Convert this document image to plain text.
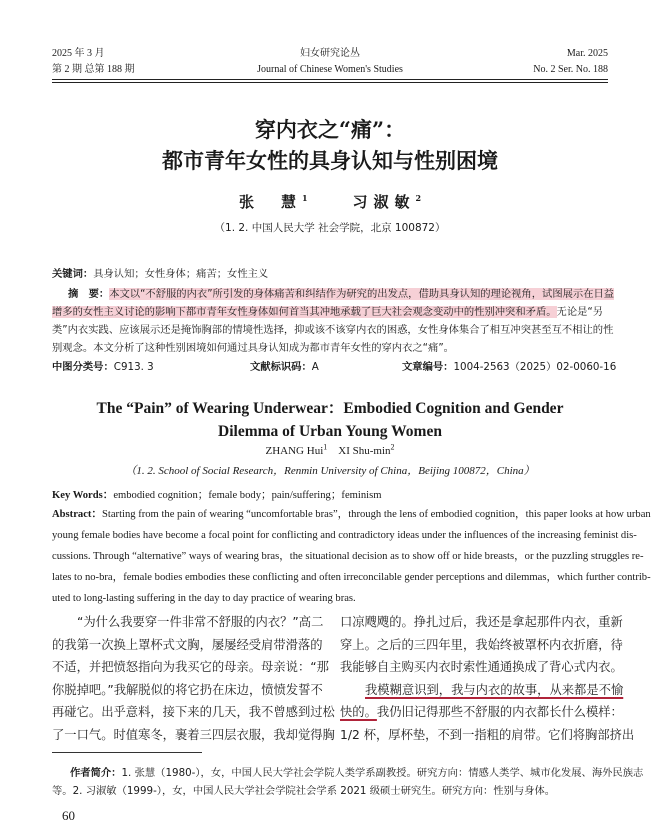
2025 年 3 月
第 2 期 总第 188 期
妇女研究论丛
Journal of Chinese Women's Studies
Mar. 2025
No. 2 Ser. No. 188
穿内衣之“痛”：
都市青年女性的具身认知与性别困境
张　慧$^1$	习淑敏$^2$
（1. 2. 中国人民大学 社会学院，北京 100872）
关键词：具身认知；女性身体；痛苦；女性主义
摘　要：本文以“不舒服的内衣”所引发的身体痛苦和纠结作为研究的出发点，借助具身认知的理论视角，试图展示在日益
增多的女性主义讨论的影响下都市青年女性身体如何首当其冲地承载了巨大社会观念变动中的性别冲突和矛盾。无论是“另
类”内衣实践、应该展示还是掩饰胸部的情境性选择，抑或该不该穿内衣的困惑，女性身体集合了相互冲突甚至互不相让的性
别观念。本文分析了这种性别困境如何通过具身认知成为都市青年女性的穿内衣之“痛”。
中图分类号：C913. 3	文献标识码：A	文章编号：1004-2563（2025）02-0060-16
The “Pain” of Wearing Underwear：Embodied Cognition and Gender
Dilemma of Urban Young Women
ZHANG Hui$^1$ XI Shu-$\min^2$
（1. 2. School of Social Research，Renmin University of China，Beijing 100872，China）
Key Words：embodied cognition；female body；pain/suffering；feminism
Abstract：Starting from the pain of wearing “uncomfortable bras”，through the lens of embodied cognition，this paper looks at how urban
young female bodies have become a focal point for conflicting and contradictory ideas under the influences of the increasing feminist dis-
cussions. Through “alternative” ways of wearing bras，the situational decision as to show off or hide breasts，or the puzzling struggles re-
lates to no-bra，female bodies embodies these conflicting and often irreconcilable gender perceptions and dilemmas，which further contrib-
uted to long-lasting suffering in the day to day practice of wearing bras.

“为什么我要穿一件非常不舒服的内衣？”高二

的我第一次换上罩杯式文胸，屡屡经受肩带滑落的

不适，并把愤怒指向为我买它的母亲。母亲说：“那

你脱掉吧。”我解脱似的将它扔在床边，愤愤发誓不

再碰它。出乎意料，接下来的几天，我不曾感到过松

了一口气。时值寒冬，裹着三四层衣服，我却觉得胸

口凉飕飕的。挣扎过后，我还是拿起那件内衣，重新

穿上。之后的三四年里，我始终被罩杯内衣折磨，待

我能够自主购买内衣时索性通通换成了背心式内衣。

我模糊意识到，我与内衣的故事，从来都是不愉

快的。我仍旧记得那些不舒服的内衣都长什么模样：

1/2 杯，厚杯垫，不到一指粗的肩带。它们将胸部挤出

作者简介：1. 张慧（1980-），女，中国人民大学社会学院人类学系副教授。研究方向：情感人类学、城市化发展、海外民族志
等。2. 习淑敏（1999-），女，中国人民大学社会学院社会学系 2021 级硕士研究生。研究方向：性别与身体。
60
